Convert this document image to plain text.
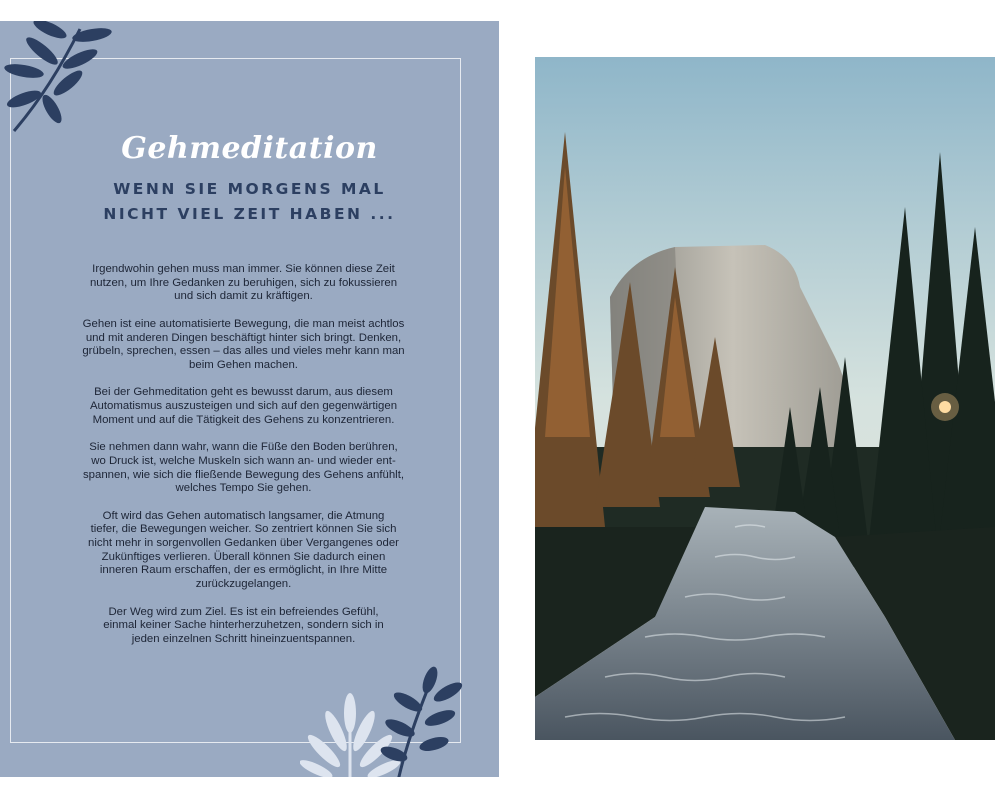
Gehmeditation
WENN SIE MORGENS MAL
NICHT VIEL ZEIT HABEN ...

Irgendwohin gehen muss man immer. Sie können diese Zeit
nutzen, um Ihre Gedanken zu beruhigen, sich zu fokussieren
und sich damit zu kräftigen.

Gehen ist eine automatisierte Bewegung, die man meist achtlos
und mit anderen Dingen beschäftigt hinter sich bringt. Denken,
grübeln, sprechen, essen – das alles und vieles mehr kann man
beim Gehen machen.

Bei der Gehmeditation geht es bewusst darum, aus diesem
Automatismus auszusteigen und sich auf den gegenwärtigen
Moment und auf die Tätigkeit des Gehens zu konzentrieren.

Sie nehmen dann wahr, wann die Füße den Boden berühren,
wo Druck ist, welche Muskeln sich wann an- und wieder ent-
spannen, wie sich die fließende Bewegung des Gehens anfühlt,
welches Tempo Sie gehen.

Oft wird das Gehen automatisch langsamer, die Atmung
tiefer, die Bewegungen weicher. So zentriert können Sie sich
nicht mehr in sorgenvollen Gedanken über Vergangenes oder
Zukünftiges verlieren. Überall können Sie dadurch einen
inneren Raum erschaffen, der es ermöglicht, in Ihre Mitte
zurückzugelangen.

Der Weg wird zum Ziel. Es ist ein befreiendes Gefühl,
einmal keiner Sache hinterherzuhetzen, sondern sich in
jeden einzelnen Schritt hineinzuentspannen.
